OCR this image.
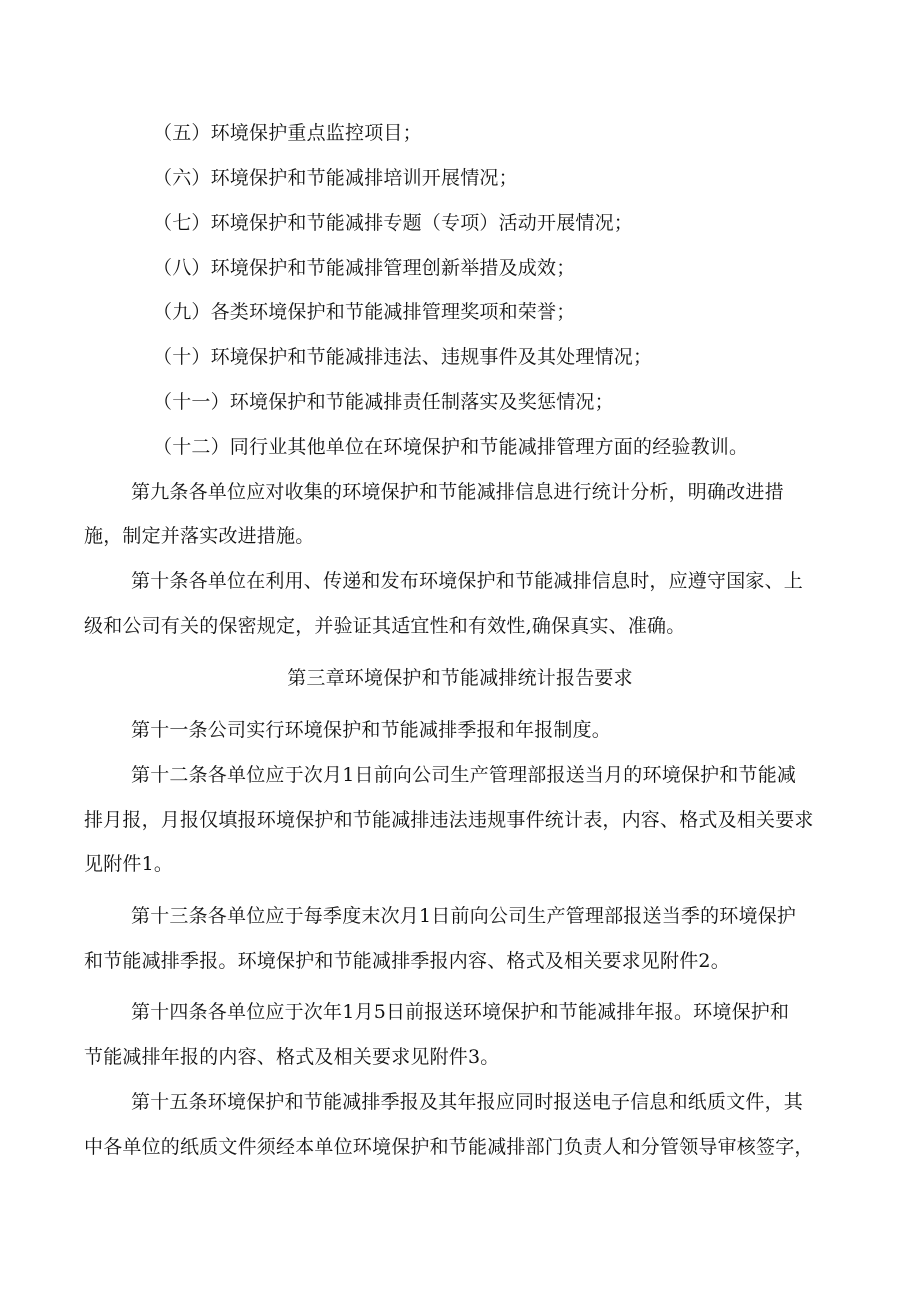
（五）环境保护重点监控项目；
（六）环境保护和节能减排培训开展情况；
（七）环境保护和节能减排专题（专项）活动开展情况；
（八）环境保护和节能减排管理创新举措及成效；
（九）各类环境保护和节能减排管理奖项和荣誉；
（十）环境保护和节能减排违法、违规事件及其处理情况；
（十一）环境保护和节能减排责任制落实及奖惩情况；
（十二）同行业其他单位在环境保护和节能减排管理方面的经验教训。
第九条各单位应对收集的环境保护和节能减排信息进行统计分析，明确改进措
施，制定并落实改进措施。
第十条各单位在利用、传递和发布环境保护和节能减排信息时，应遵守国家、上
级和公司有关的保密规定，并验证其适宜性和有效性,确保真实、准确。
第三章环境保护和节能减排统计报告要求
第十一条公司实行环境保护和节能减排季报和年报制度。
第十二条各单位应于次月1日前向公司生产管理部报送当月的环境保护和节能减
排月报，月报仅填报环境保护和节能减排违法违规事件统计表，内容、格式及相关要求
见附件1。
第十三条各单位应于每季度末次月1日前向公司生产管理部报送当季的环境保护
和节能减排季报。环境保护和节能减排季报内容、格式及相关要求见附件2。
第十四条各单位应于次年1月5日前报送环境保护和节能减排年报。环境保护和
节能减排年报的内容、格式及相关要求见附件3。
第十五条环境保护和节能减排季报及其年报应同时报送电子信息和纸质文件，其
中各单位的纸质文件须经本单位环境保护和节能减排部门负责人和分管领导审核签字，
